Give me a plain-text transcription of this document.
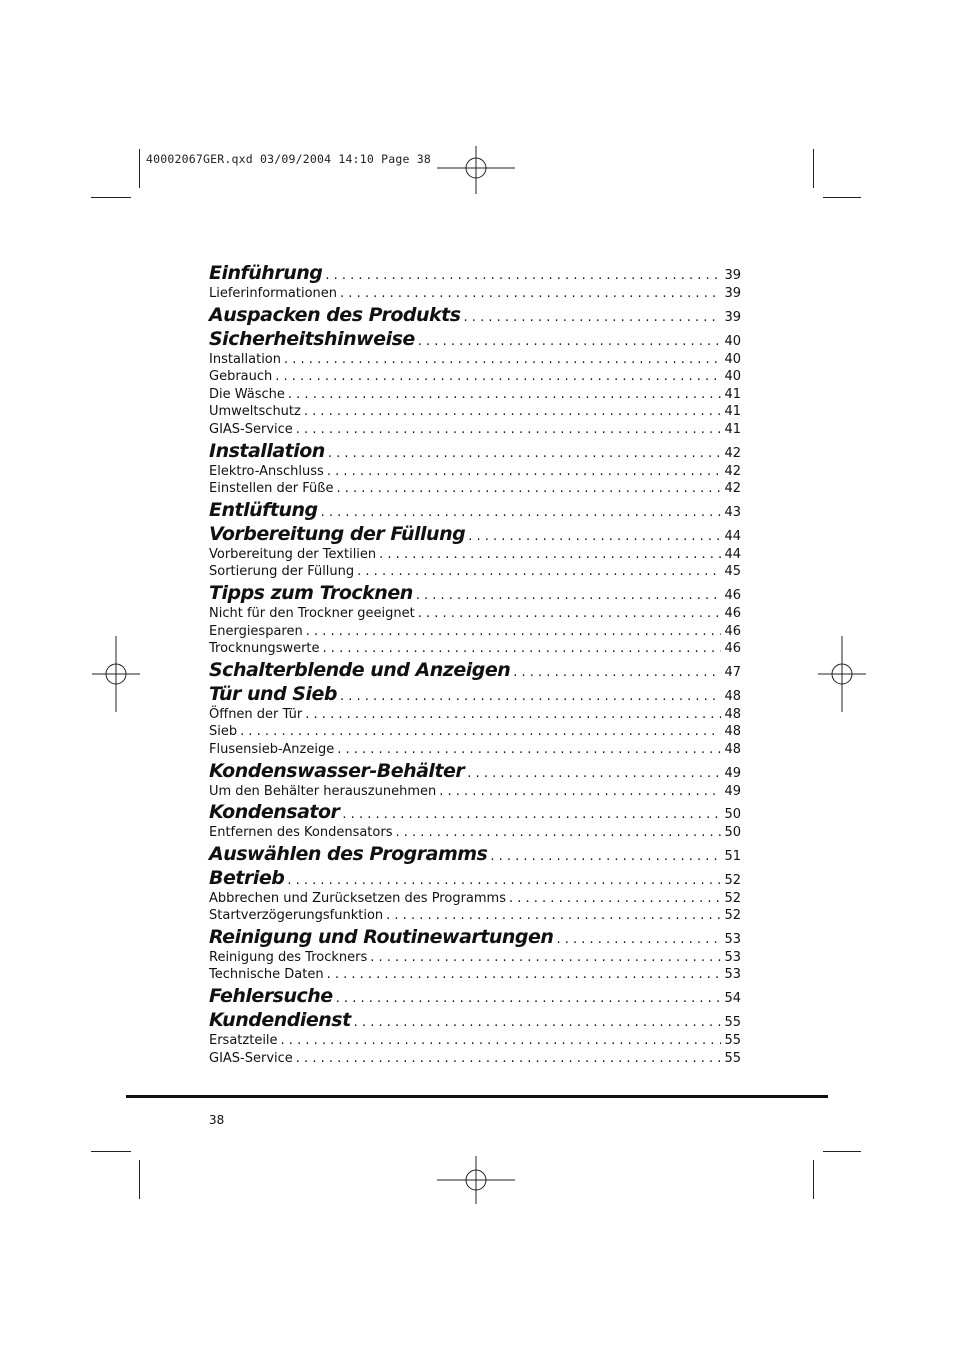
40002067GER.qxd 03/09/2004 14:10 Page 38
Einführung . . .	39
Lieferinformationen . . .	39
Auspacken des Produkts . . .	39
Sicherheitshinweise . . .	40
Installation . . .	40
Gebrauch . . .	40
Die Wäsche . . .	41
Umweltschutz . . .	41
GIAS-Service . . .	41
Installation . . .	42
Elektro-Anschluss . . .	42
Einstellen der Füße . . .	42
Entlüftung . . .	43
Vorbereitung der Füllung . . .	44
Vorbereitung der Textilien . . .	44
Sortierung der Füllung . . .	45
Tipps zum Trocknen . . .	46
Nicht für den Trockner geeignet . . .	46
Energiesparen . . .	46
Trocknungswerte . . .	46
Schalterblende und Anzeigen . . .	47
Tür und Sieb . . .	48
Öffnen der Tür . . .	48
Sieb . . .	48
Flusensieb-Anzeige . . .	48
Kondenswasser-Behälter . . .	49
Um den Behälter herauszunehmen . . .	49
Kondensator . . .	50
Entfernen des Kondensators . . .	50
Auswählen des Programms . . .	51
Betrieb . . .	52
Abbrechen und Zurücksetzen des Programms . . .	52
Startverzögerungsfunktion . . .	52
Reinigung und Routinewartungen . . .	53
Reinigung des Trockners . . .	53
Technische Daten . . .	53
Fehlersuche . . .	54
Kundendienst . . .	55
Ersatzteile . . .	55
GIAS-Service . . .	55
38
